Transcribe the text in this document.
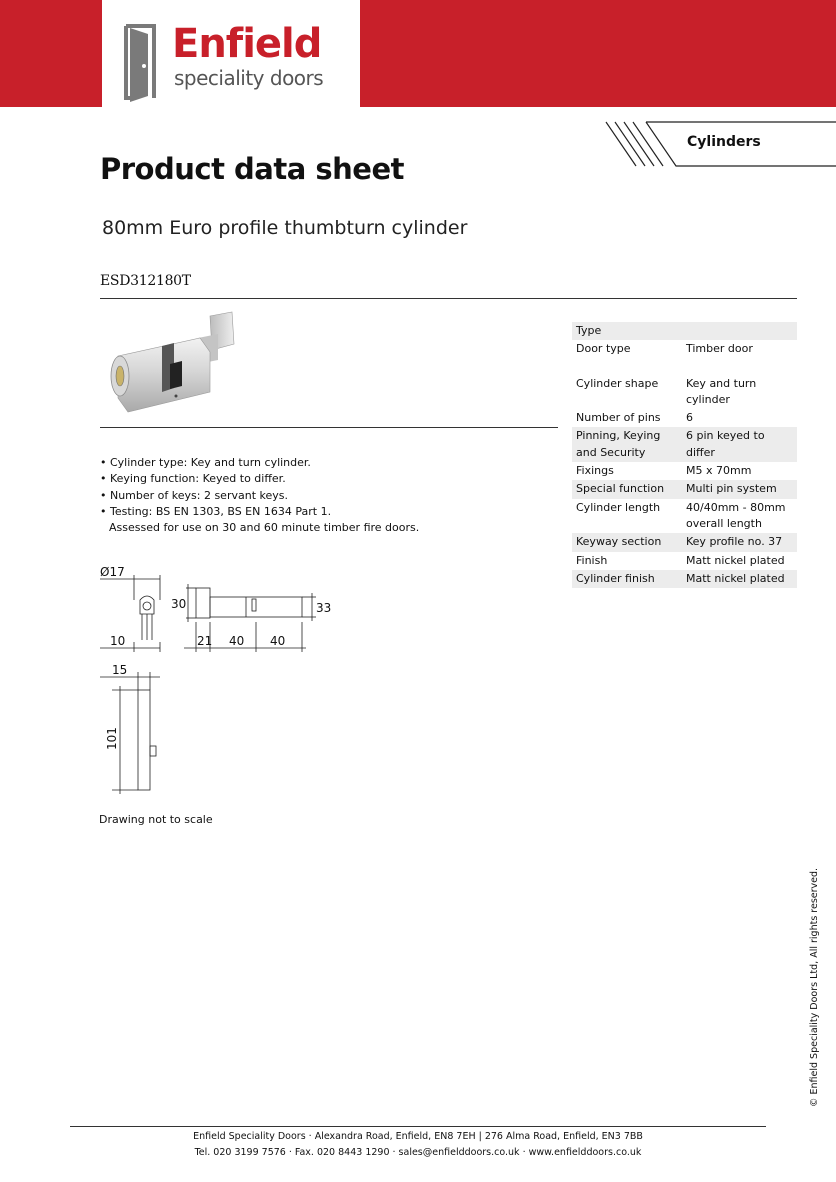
Enfield
speciality doors
Cylinders
Product data sheet
80mm Euro profile thumbturn cylinder
ESD312180T
• Cylinder type: Key and turn cylinder.
• Keying function: Keyed to differ.
• Number of keys: 2 servant keys.
• Testing: BS EN 1303, BS EN 1634 Part 1.
Assessed for use on 30 and 60 minute timber fire doors.
Type	
Door type	Timber door

Cylinder shape	Key and turn cylinder
Number of pins	6
Pinning, Keying and Security	6 pin keyed to differ
Fixings	M5 x 70mm
Special function	Multi pin system
Cylinder length	40/40mm - 80mm overall length
Keyway section	Key profile no. 37
Finish	Matt nickel plated
Cylinder finish	Matt nickel plated
Ø17
10
30	33
21 40 40
15
101
Drawing not to scale
© Enfield Speciality Doors Ltd, All rights reserved.
Enfield Speciality Doors · Alexandra Road, Enfield, EN8 7EH | 276 Alma Road, Enfield, EN3 7BB
Tel. 020 3199 7576 · Fax. 020 8443 1290 · sales@enfielddoors.co.uk · www.enfielddoors.co.uk
